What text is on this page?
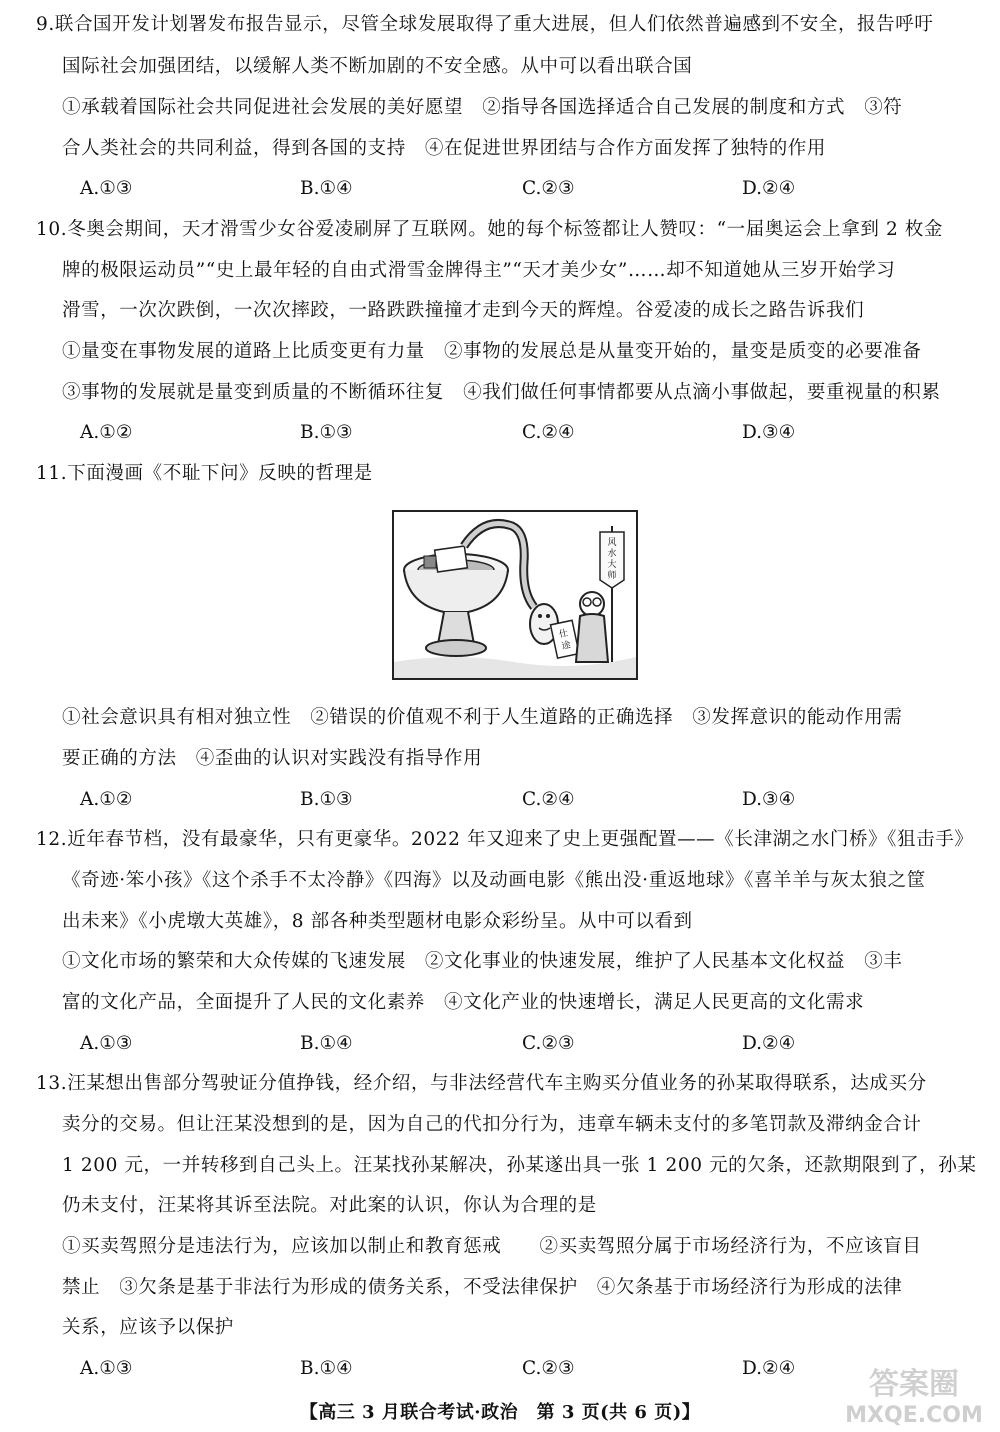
9.联合国开发计划署发布报告显示，尽管全球发展取得了重大进展，但人们依然普遍感到不安全，报告呼吁
国际社会加强团结，以缓解人类不断加剧的不安全感。从中可以看出联合国
①承载着国际社会共同促进社会发展的美好愿望　②指导各国选择适合自己发展的制度和方式　③符
合人类社会的共同利益，得到各国的支持　④在促进世界团结与合作方面发挥了独特的作用
A.①③	B.①④	C.②③	D.②④
10.冬奥会期间，天才滑雪少女谷爱凌刷屏了互联网。她的每个标签都让人赞叹：“一届奥运会上拿到 2 枚金
牌的极限运动员”“史上最年轻的自由式滑雪金牌得主”“天才美少女”……却不知道她从三岁开始学习
滑雪，一次次跌倒，一次次摔跤，一路跌跌撞撞才走到今天的辉煌。谷爱凌的成长之路告诉我们
①量变在事物发展的道路上比质变更有力量　②事物的发展总是从量变开始的，量变是质变的必要准备
③事物的发展就是量变到质量的不断循环往复　④我们做任何事情都要从点滴小事做起，要重视量的积累
A.①②	B.①③	C.②④	D.③④
11.下面漫画《不耻下问》反映的哲理是
仕
途
风
水
大
师
①社会意识具有相对独立性　②错误的价值观不利于人生道路的正确选择　③发挥意识的能动作用需
要正确的方法　④歪曲的认识对实践没有指导作用
A.①②	B.①③	C.②④	D.③④
12.近年春节档，没有最豪华，只有更豪华。2022 年又迎来了史上更强配置——《长津湖之水门桥》《狙击手》
《奇迹·笨小孩》《这个杀手不太冷静》《四海》以及动画电影《熊出没·重返地球》《喜羊羊与灰太狼之筐
出未来》《小虎墩大英雄》，8 部各种类型题材电影众彩纷呈。从中可以看到
①文化市场的繁荣和大众传媒的飞速发展　②文化事业的快速发展，维护了人民基本文化权益　③丰
富的文化产品，全面提升了人民的文化素养　④文化产业的快速增长，满足人民更高的文化需求
A.①③	B.①④	C.②③	D.②④
13.汪某想出售部分驾驶证分值挣钱，经介绍，与非法经营代车主购买分值业务的孙某取得联系，达成买分
卖分的交易。但让汪某没想到的是，因为自己的代扣分行为，违章车辆未支付的多笔罚款及滞纳金合计
1 200 元，一并转移到自己头上。汪某找孙某解决，孙某遂出具一张 1 200 元的欠条，还款期限到了，孙某
仍未支付，汪某将其诉至法院。对此案的认识，你认为合理的是
①买卖驾照分是违法行为，应该加以制止和教育惩戒　　②买卖驾照分属于市场经济行为，不应该盲目
禁止　③欠条是基于非法行为形成的债务关系，不受法律保护　④欠条基于市场经济行为形成的法律
关系，应该予以保护
A.①③	B.①④	C.②③	D.②④
【高三 3 月联合考试·政治　第 3 页(共 6 页)】
答案圈
MXQE.COM
